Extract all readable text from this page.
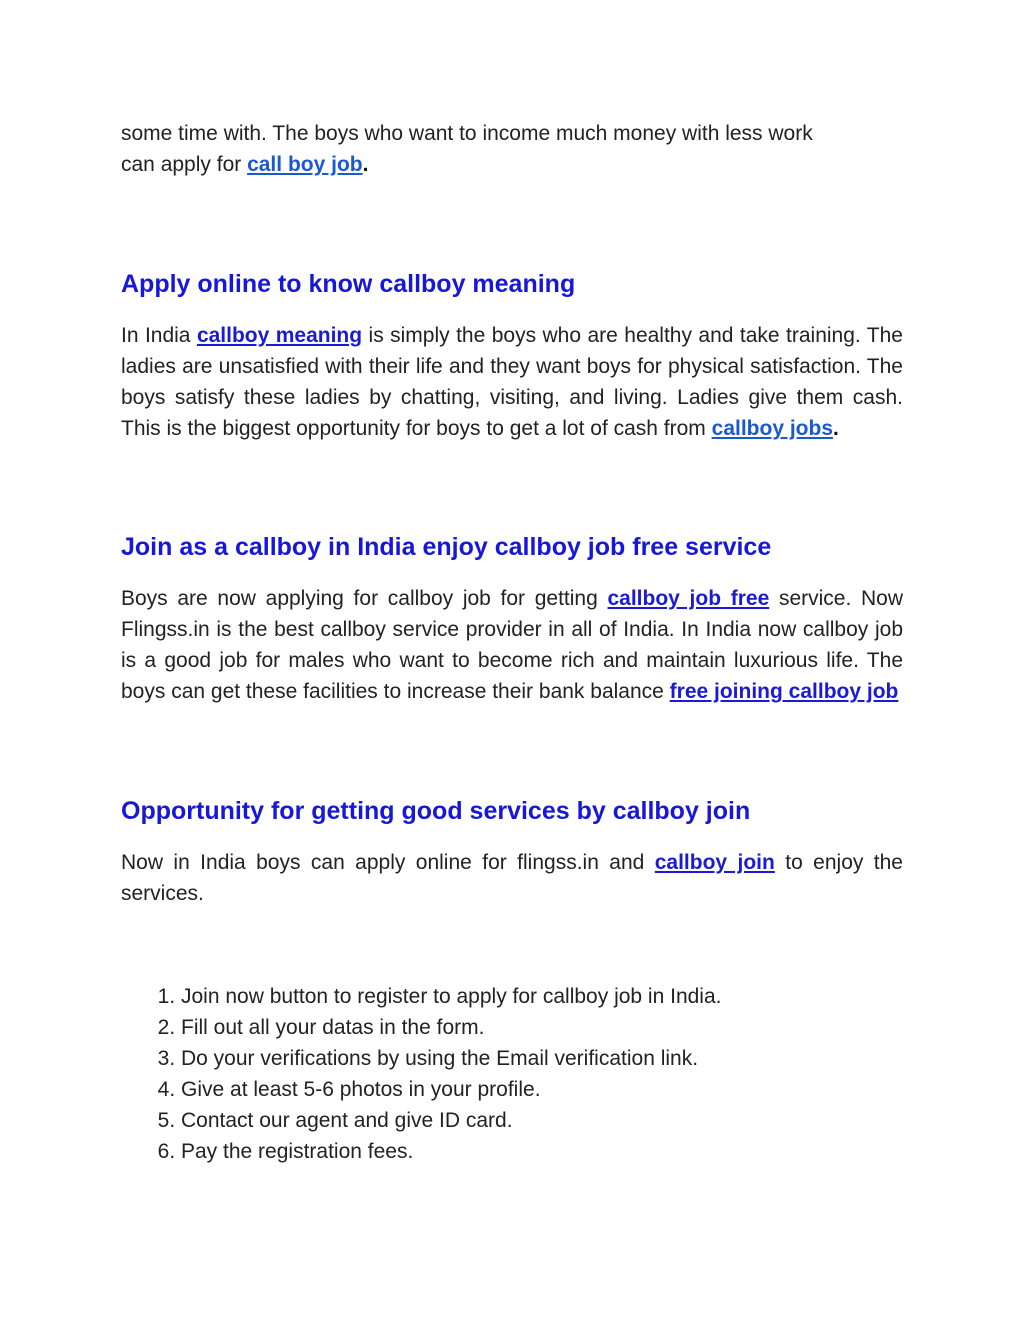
some time with. The boys who want to income much money with less work
can apply for call boy job.

Apply online to know callboy meaning

In India callboy meaning is simply the boys who are healthy and take training. The ladies are unsatisfied with their life and they want boys for physical satisfaction. The boys satisfy these ladies by chatting, visiting, and living. Ladies give them cash. This is the biggest opportunity for boys to get a lot of cash from callboy jobs.

Join as a callboy in India enjoy callboy job free service

Boys are now applying for callboy job for getting callboy job free service. Now Flingss.in is the best callboy service provider in all of India. In India now callboy job is a good job for males who want to become rich and maintain luxurious life. The boys can get these facilities to increase their bank balance free joining callboy job

Opportunity for getting good services by callboy join

Now in India boys can apply online for flingss.in and callboy join to enjoy the services.

1. Join now button to register to apply for callboy job in India.
2. Fill out all your datas in the form.
3. Do your verifications by using the Email verification link.
4. Give at least 5-6 photos in your profile.
5. Contact our agent and give ID card.
6. Pay the registration fees.
